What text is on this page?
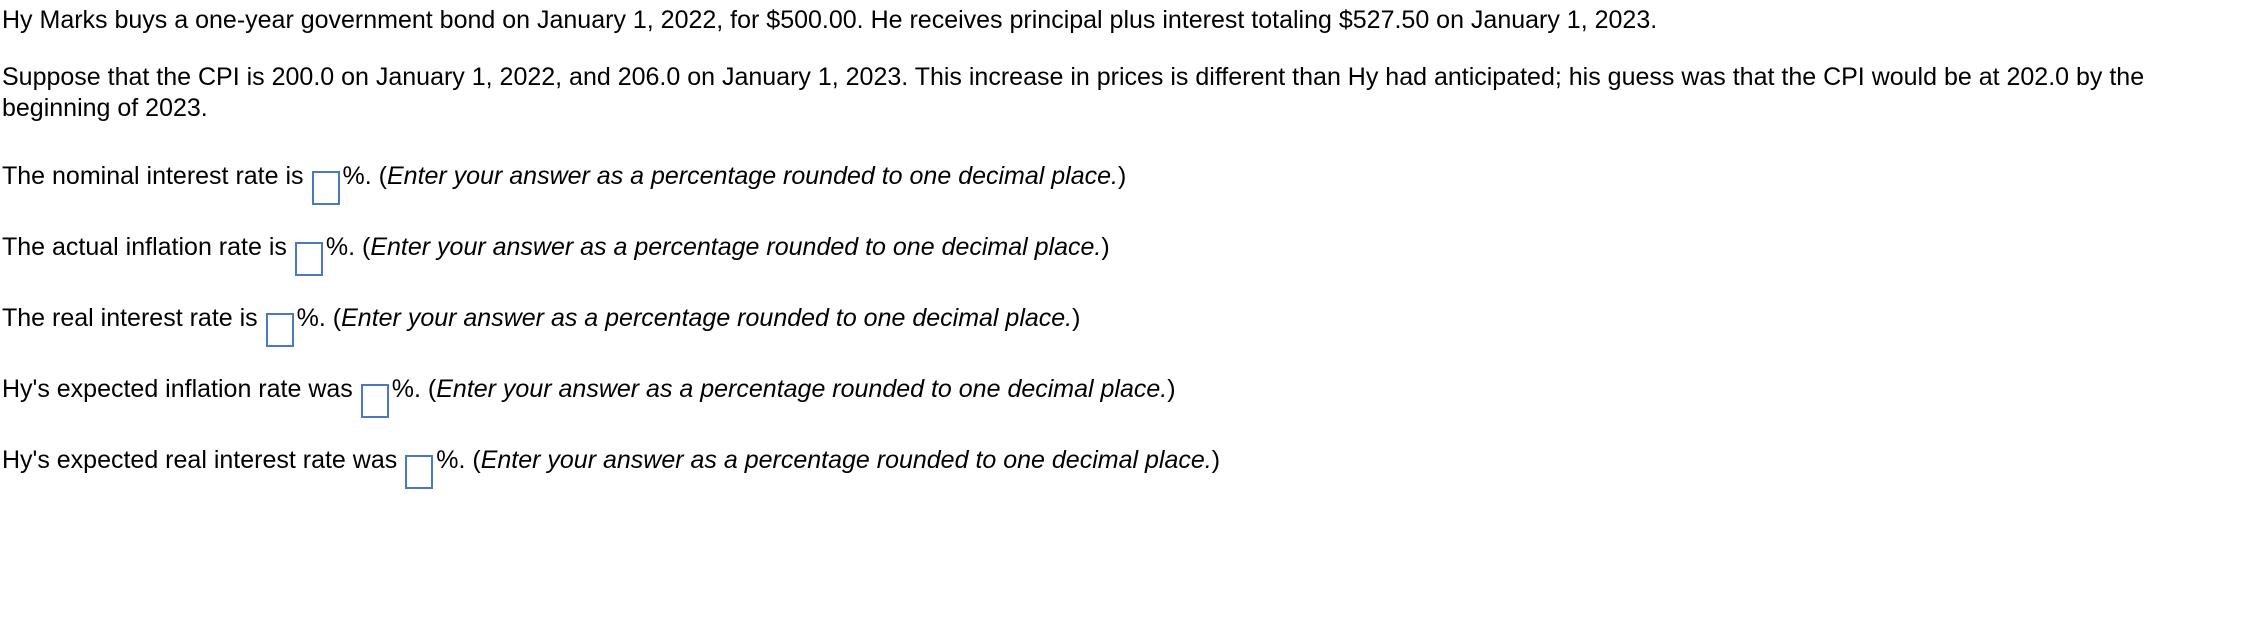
Hy Marks buys a one-year government bond on January 1, 2022, for $500.00. He receives principal plus interest totaling $527.50 on January 1, 2023.

Suppose that the CPI is 200.0 on January 1, 2022, and 206.0 on January 1, 2023. This increase in prices is different than Hy had anticipated; his guess was that the CPI would be at 202.0 by the beginning of 2023.

The nominal interest rate is %. (Enter your answer as a percentage rounded to one decimal place.)

The actual inflation rate is %. (Enter your answer as a percentage rounded to one decimal place.)

The real interest rate is %. (Enter your answer as a percentage rounded to one decimal place.)

Hy's expected inflation rate was %. (Enter your answer as a percentage rounded to one decimal place.)

Hy's expected real interest rate was %. (Enter your answer as a percentage rounded to one decimal place.)
